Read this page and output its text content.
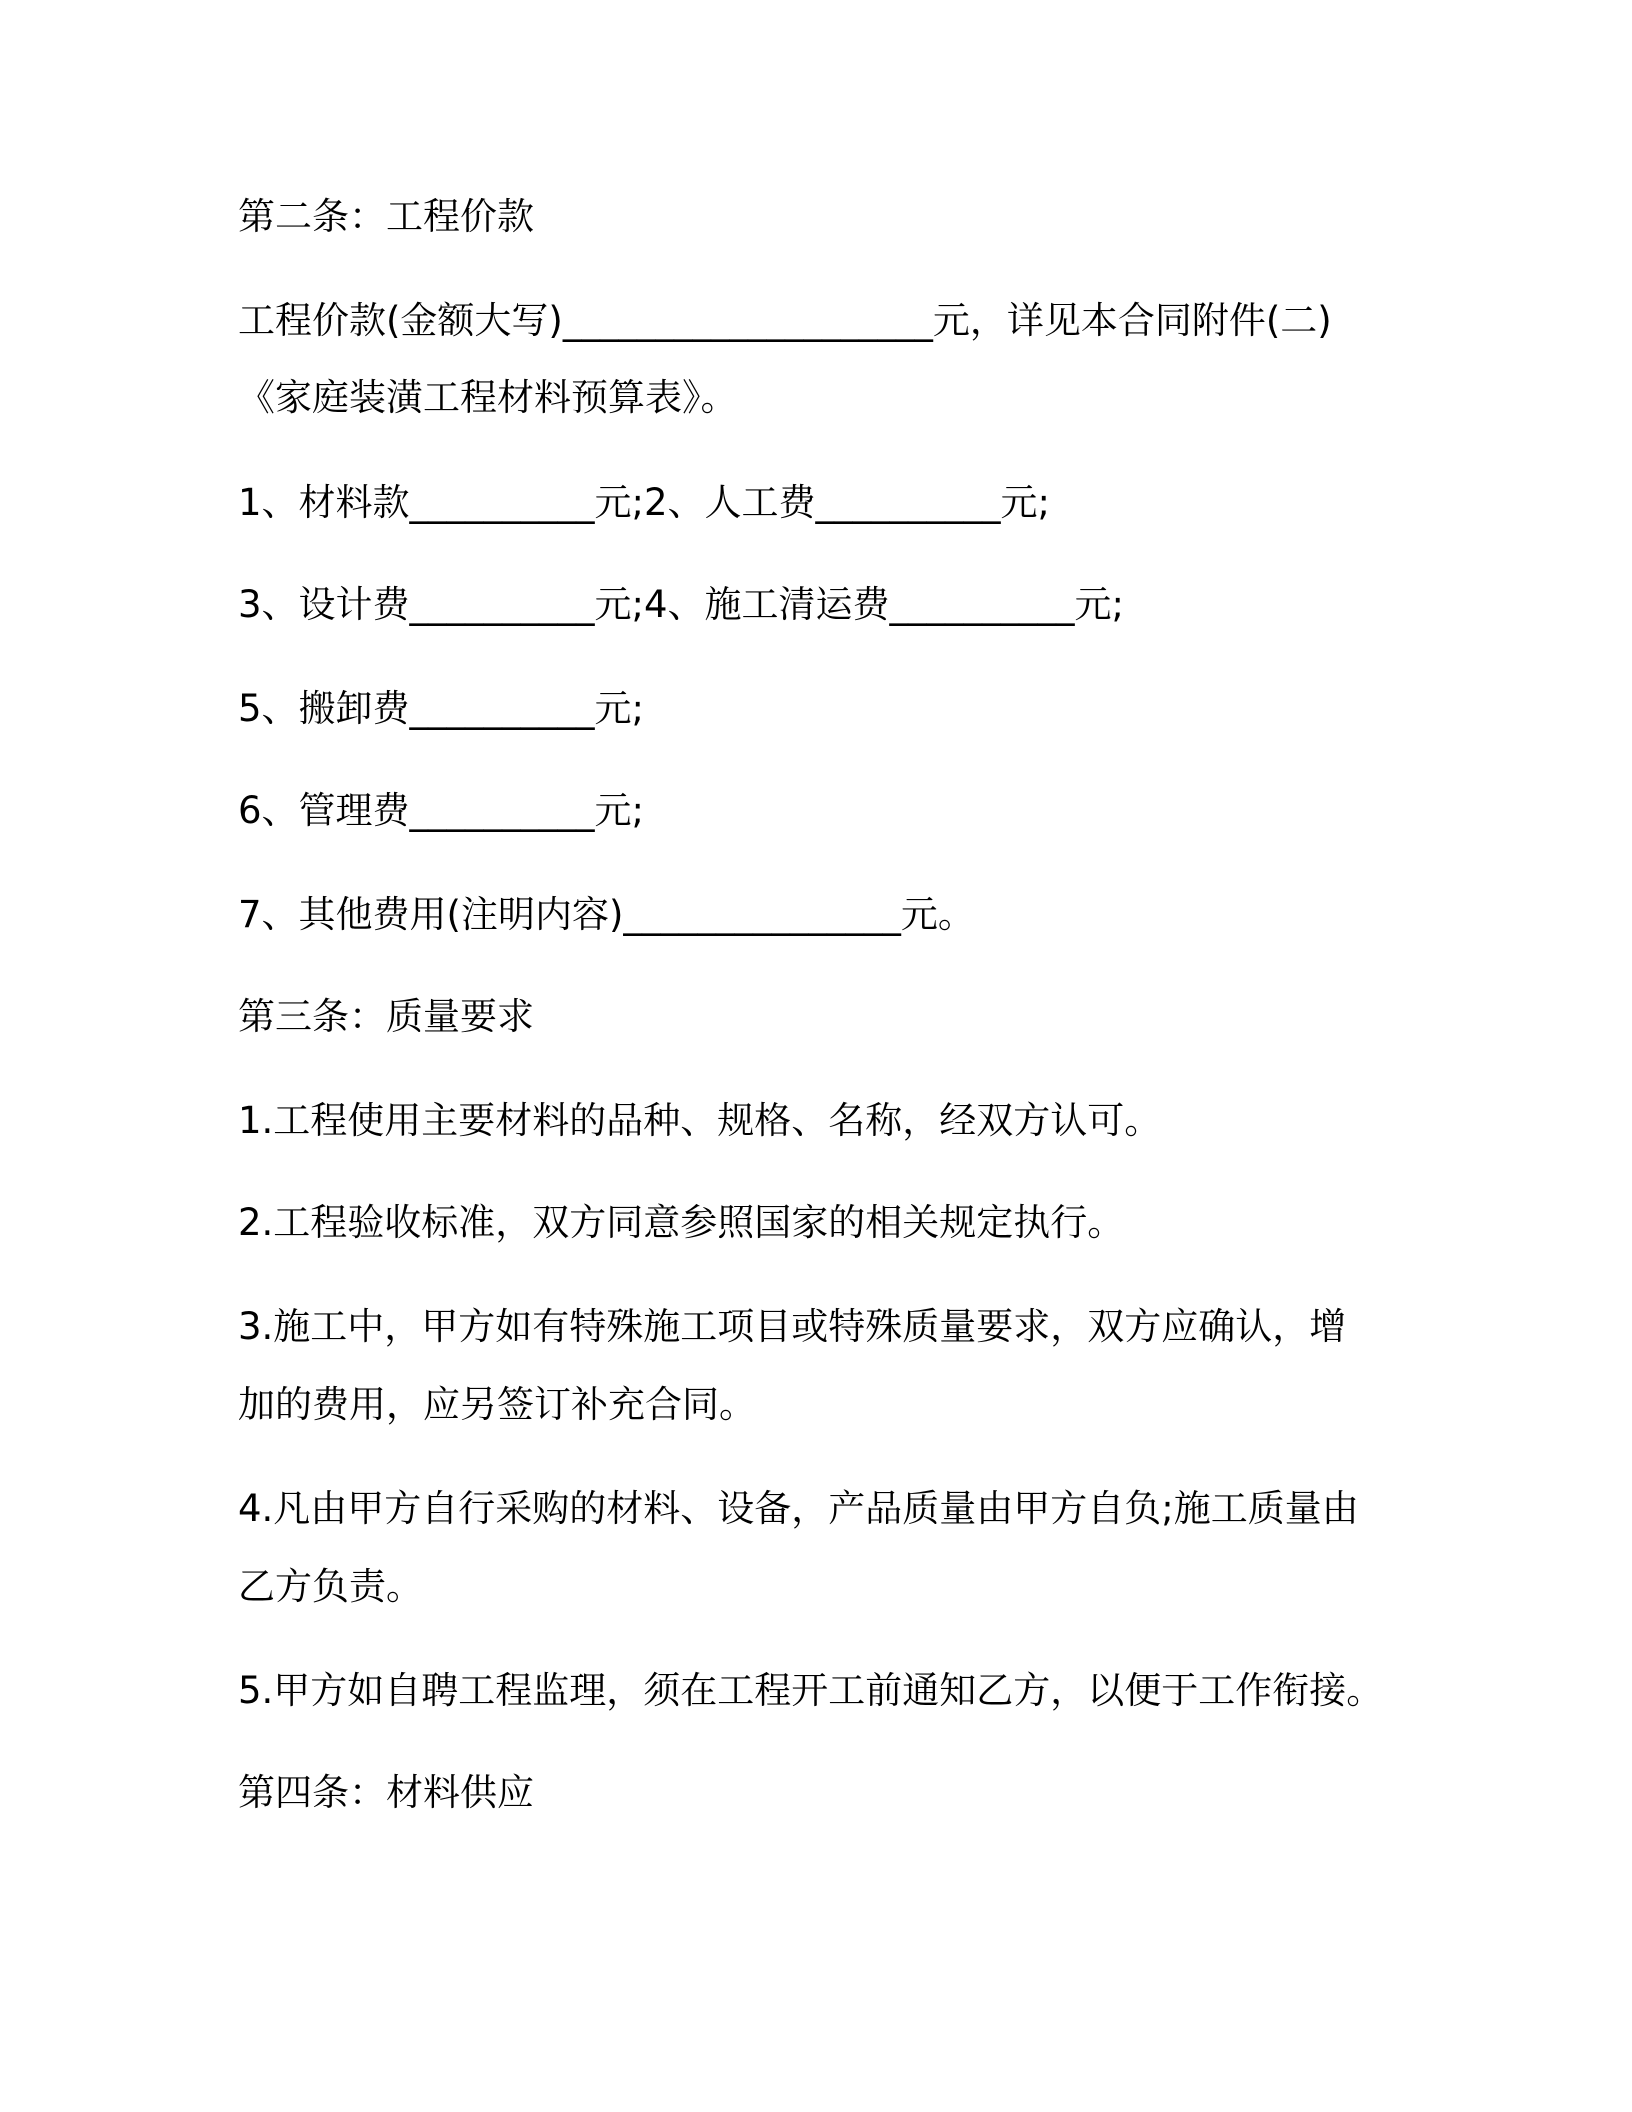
第二条：工程价款
工程价款(金额大写)____________________元，详见本合同附件(二)
《家庭装潢工程材料预算表》。
1、材料款__________元;2、人工费__________元;
3、设计费__________元;4、施工清运费__________元;
5、搬卸费__________元;
6、管理费__________元;
7、其他费用(注明内容)_______________元。
第三条：质量要求
1.工程使用主要材料的品种、规格、名称，经双方认可。
2.工程验收标准，双方同意参照国家的相关规定执行。
3.施工中，甲方如有特殊施工项目或特殊质量要求，双方应确认，增
加的费用，应另签订补充合同。
4.凡由甲方自行采购的材料、设备，产品质量由甲方自负;施工质量由
乙方负责。
5.甲方如自聘工程监理，须在工程开工前通知乙方，以便于工作衔接。
第四条：材料供应
